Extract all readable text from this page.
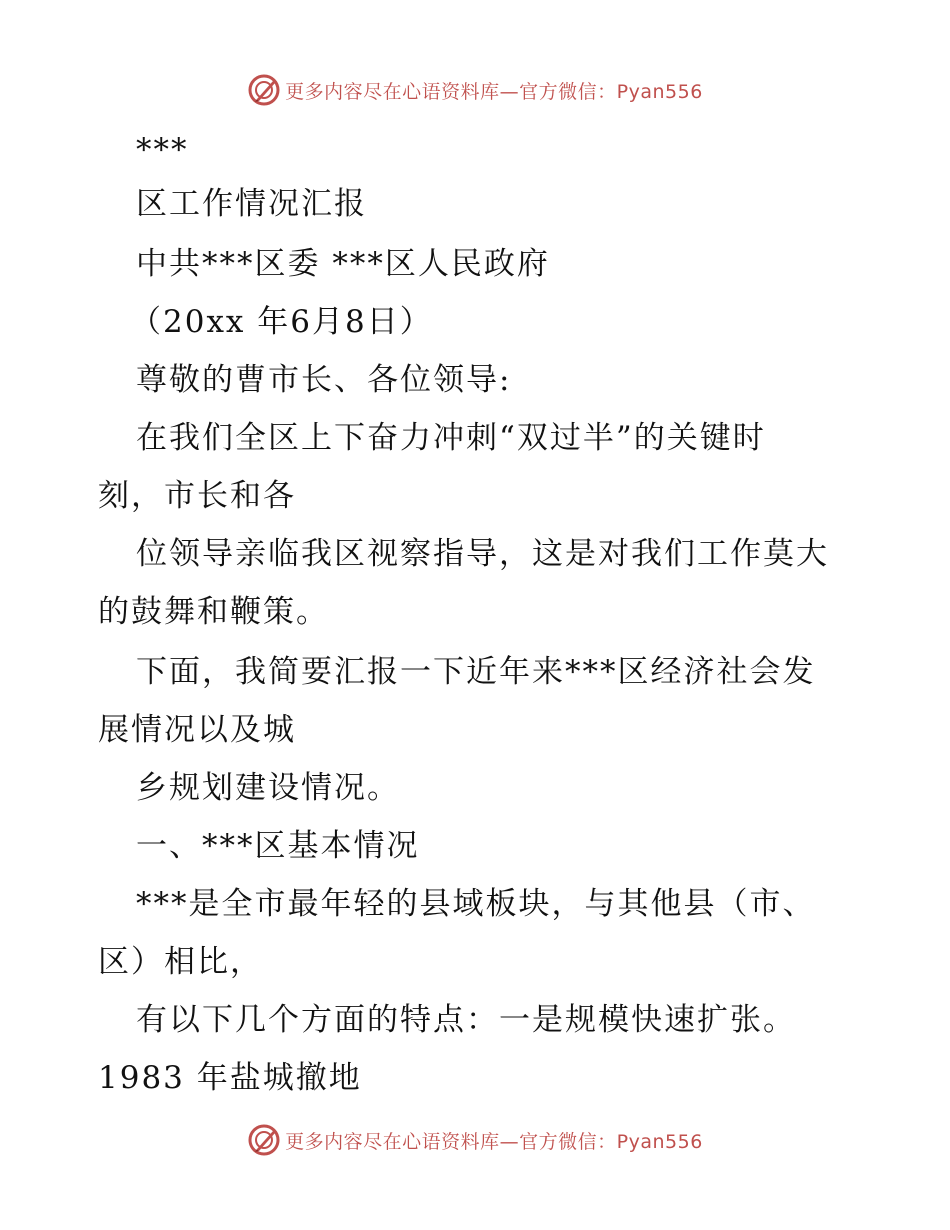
更多内容尽在心语资料库—官方微信：Pyan556
***
区工作情况汇报
中共***区委 ***区人民政府
（20xx 年6月8日）
尊敬的曹市长、各位领导:
在我们全区上下奋力冲刺“双过半”的关键时
刻，市长和各
位领导亲临我区视察指导，这是对我们工作莫大
的鼓舞和鞭策。
下面，我简要汇报一下近年来***区经济社会发
展情况以及城
乡规划建设情况。
一、***区基本情况
***是全市最年轻的县域板块，与其他县（市、
区）相比，
有以下几个方面的特点：一是规模快速扩张。
1983 年盐城撤地
更多内容尽在心语资料库—官方微信：Pyan556
